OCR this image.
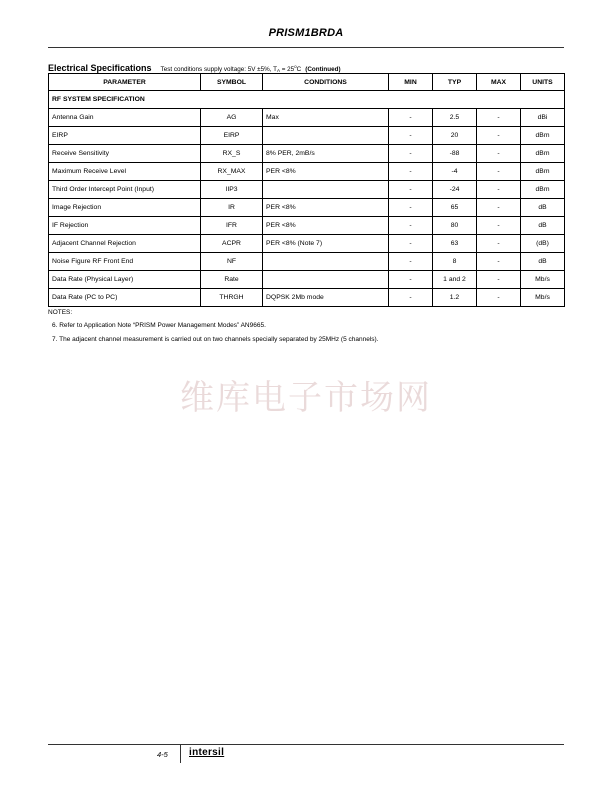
PRISM1BRDA
Electrical Specifications Test conditions supply voltage: 5V ±5%, $T_A = 25^oC$ (Continued)
PARAMETER	SYMBOL	CONDITIONS	MIN	TYP	MAX	UNITS
RF SYSTEM SPECIFICATION						
Antenna Gain	AG	Max	-	2.5	-	dBi
EIRP	EIRP		-	20	-	dBm
Receive Sensitivity	RX_S	8% PER, 2mB/s	-	-88	-	dBm
Maximum Receive Level	RX_MAX	PER <8%	-	-4	-	dBm
Third Order Intercept Point (Input)	IIP3		-	-24	-	dBm
Image Rejection	IR	PER <8%	-	65	-	dB
IF Rejection	IFR	PER <8%	-	80	-	dB
Adjacent Channel Rejection	ACPR	PER <8% (Note 7)	-	63	-	(dB)
Noise Figure RF Front End	NF		-	8	-	dB
Data Rate (Physical Layer)	Rate		-	1 and 2	-	Mb/s
Data Rate (PC to PC)	THRGH	DQPSK 2Mb mode	-	1.2	-	Mb/s
NOTES:
6. Refer to Application Note “PRISM Power Management Modes” AN9665.
7. The adjacent channel measurement is carried out on two channels specially separated by 25MHz (5 channels).
维库电子市场网
4-5 intersil
